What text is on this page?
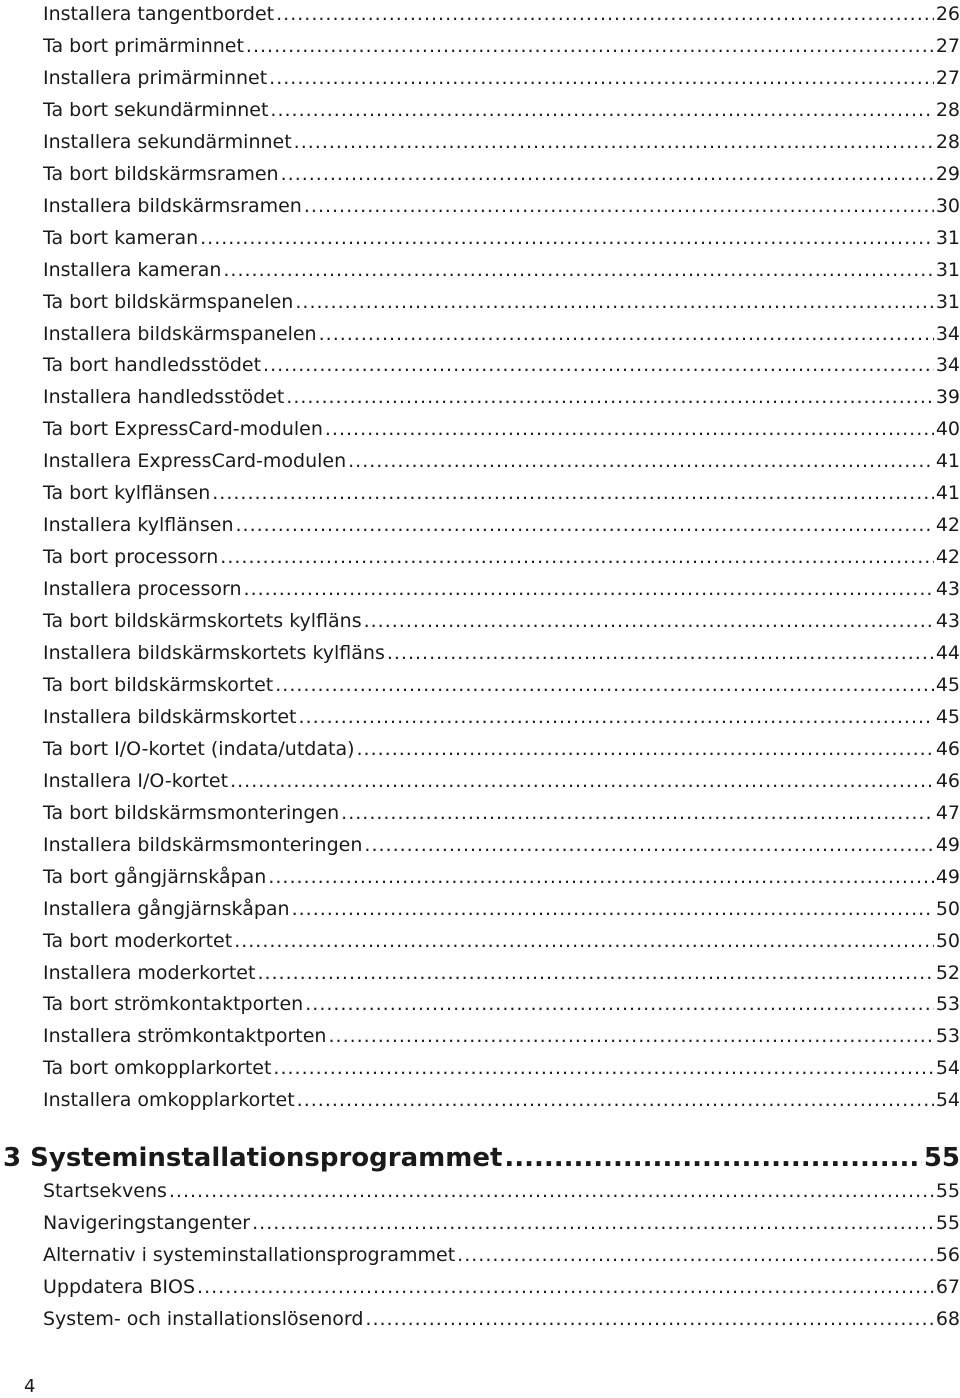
Installera tangentbordet .....	26
Ta bort primärminnet .....	27
Installera primärminnet .....	27
Ta bort sekundärminnet .....	28
Installera sekundärminnet .....	28
Ta bort bildskärmsramen .....	29
Installera bildskärmsramen .....	30
Ta bort kameran .....	31
Installera kameran .....	31
Ta bort bildskärmspanelen .....	31
Installera bildskärmspanelen .....	34
Ta bort handledsstödet .....	34
Installera handledsstödet .....	39
Ta bort ExpressCard-modulen .....	40
Installera ExpressCard-modulen .....	41
Ta bort kylflänsen .....	41
Installera kylflänsen .....	42
Ta bort processorn .....	42
Installera processorn .....	43
Ta bort bildskärmskortets kylfläns .....	43
Installera bildskärmskortets kylfläns .....	44
Ta bort bildskärmskortet .....	45
Installera bildskärmskortet .....	45
Ta bort I/O-kortet (indata/utdata) .....	46
Installera I/O-kortet .....	46
Ta bort bildskärmsmonteringen .....	47
Installera bildskärmsmonteringen .....	49
Ta bort gångjärnskåpan .....	49
Installera gångjärnskåpan .....	50
Ta bort moderkortet .....	50
Installera moderkortet .....	52
Ta bort strömkontaktporten .....	53
Installera strömkontaktporten .....	53
Ta bort omkopplarkortet .....	54
Installera omkopplarkortet .....	54
3 Systeminstallationsprogrammet .....	55
Startsekvens .....	55
Navigeringstangenter .....	55
Alternativ i systeminstallationsprogrammet .....	56
Uppdatera BIOS .....	67
System- och installationslösenord .....	68
4
